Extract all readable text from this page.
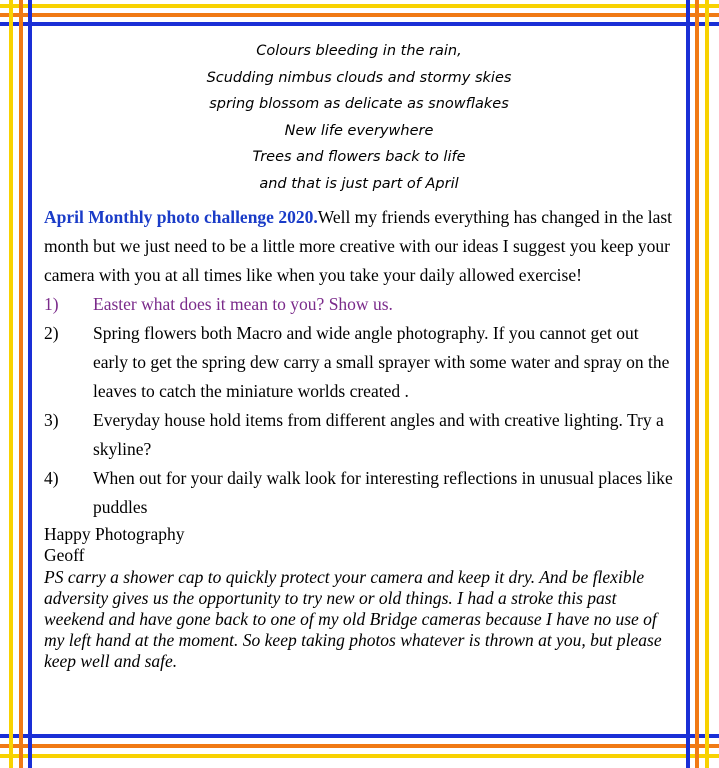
Colours bleeding in the rain,
Scudding nimbus clouds and stormy skies
spring blossom as delicate as snowflakes
New life everywhere
Trees and flowers back to life
and that is just part of April
April Monthly photo challenge 2020.Well my friends everything has changed in the last month but we just need to be a little more creative with our ideas I suggest you keep your camera with you at all times like when you take your daily allowed exercise!
1) Easter what does it mean to you? Show us.
2) Spring flowers both Macro and wide angle photography. If you cannot get out early to get the spring dew carry a small sprayer with some water and spray on the leaves to catch the miniature worlds created .
3) Everyday house hold items from different angles and with creative lighting. Try a skyline?
4) When out for your daily walk look for interesting reflections in unusual places like puddles
Happy Photography
Geoff
PS carry a shower cap to quickly protect your camera and keep it dry. And be flexible adversity gives us the opportunity to try new or old things. I had a stroke this past weekend and have gone back to one of my old Bridge cameras because I have no use of my left hand at the moment. So keep taking photos whatever is thrown at you, but please keep well and safe.
